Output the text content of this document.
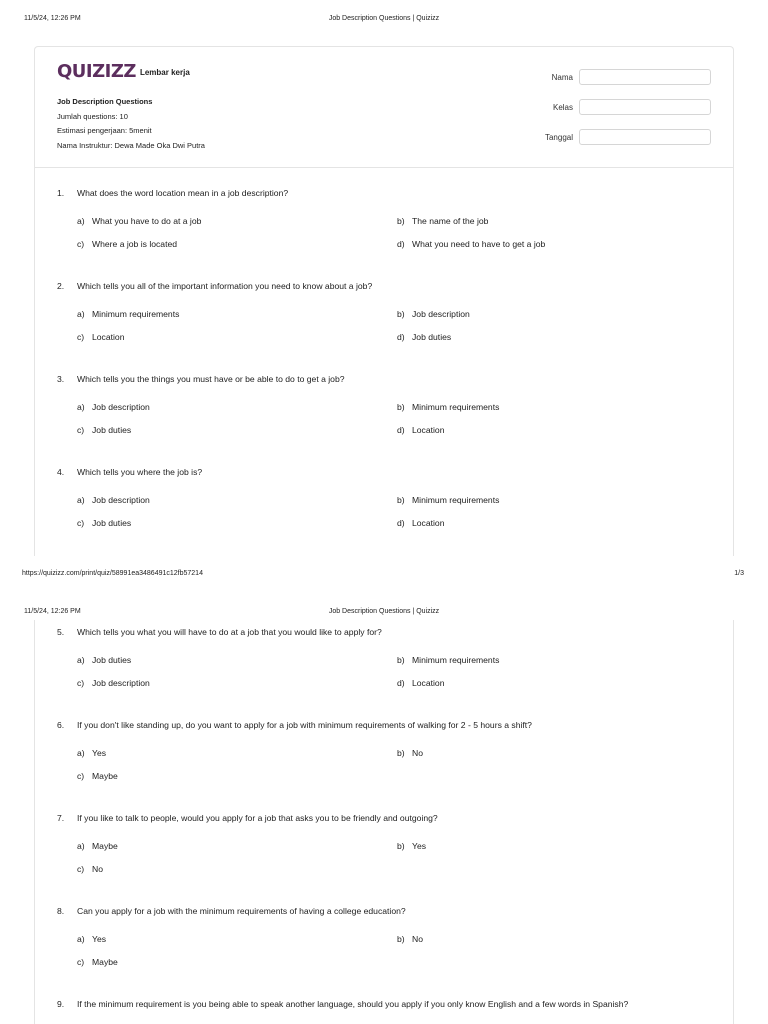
11/5/24, 12:26 PM	Job Description Questions | Quizizz
QUIZIZZ Lembar kerja
Job Description Questions
Jumlah questions: 10
Estimasi pengerjaan: 5menit
Nama Instruktur: Dewa Made Oka Dwi Putra
Nama
Kelas
Tanggal
1.	What does the word location mean in a job description?
a) What you have to do at a job	b) The name of the job
c) Where a job is located	d) What you need to have to get a job
2.	Which tells you all of the important information you need to know about a job?
a) Minimum requirements	b) Job description
c) Location	d) Job duties
3.	Which tells you the things you must have or be able to do to get a job?
a) Job description	b) Minimum requirements
c) Job duties	d) Location
4.	Which tells you where the job is?
a) Job description	b) Minimum requirements
c) Job duties	d) Location
https://quizizz.com/print/quiz/58991ea3486491c12fb57214	1/3
11/5/24, 12:26 PM	Job Description Questions | Quizizz
5.	Which tells you what you will have to do at a job that you would like to apply for?
a) Job duties	b) Minimum requirements
c) Job description	d) Location
6.	If you don't like standing up, do you want to apply for a job with minimum requirements of walking for 2 - 5 hours a shift?
a) Yes	b) No
c) Maybe
7.	If you like to talk to people, would you apply for a job that asks you to be friendly and outgoing?
a) Maybe	b) Yes
c) No
8.	Can you apply for a job with the minimum requirements of having a college education?
a) Yes	b) No
c) Maybe
9.	If the minimum requirement is you being able to speak another language, should you apply if you only know English and a few words in Spanish?
